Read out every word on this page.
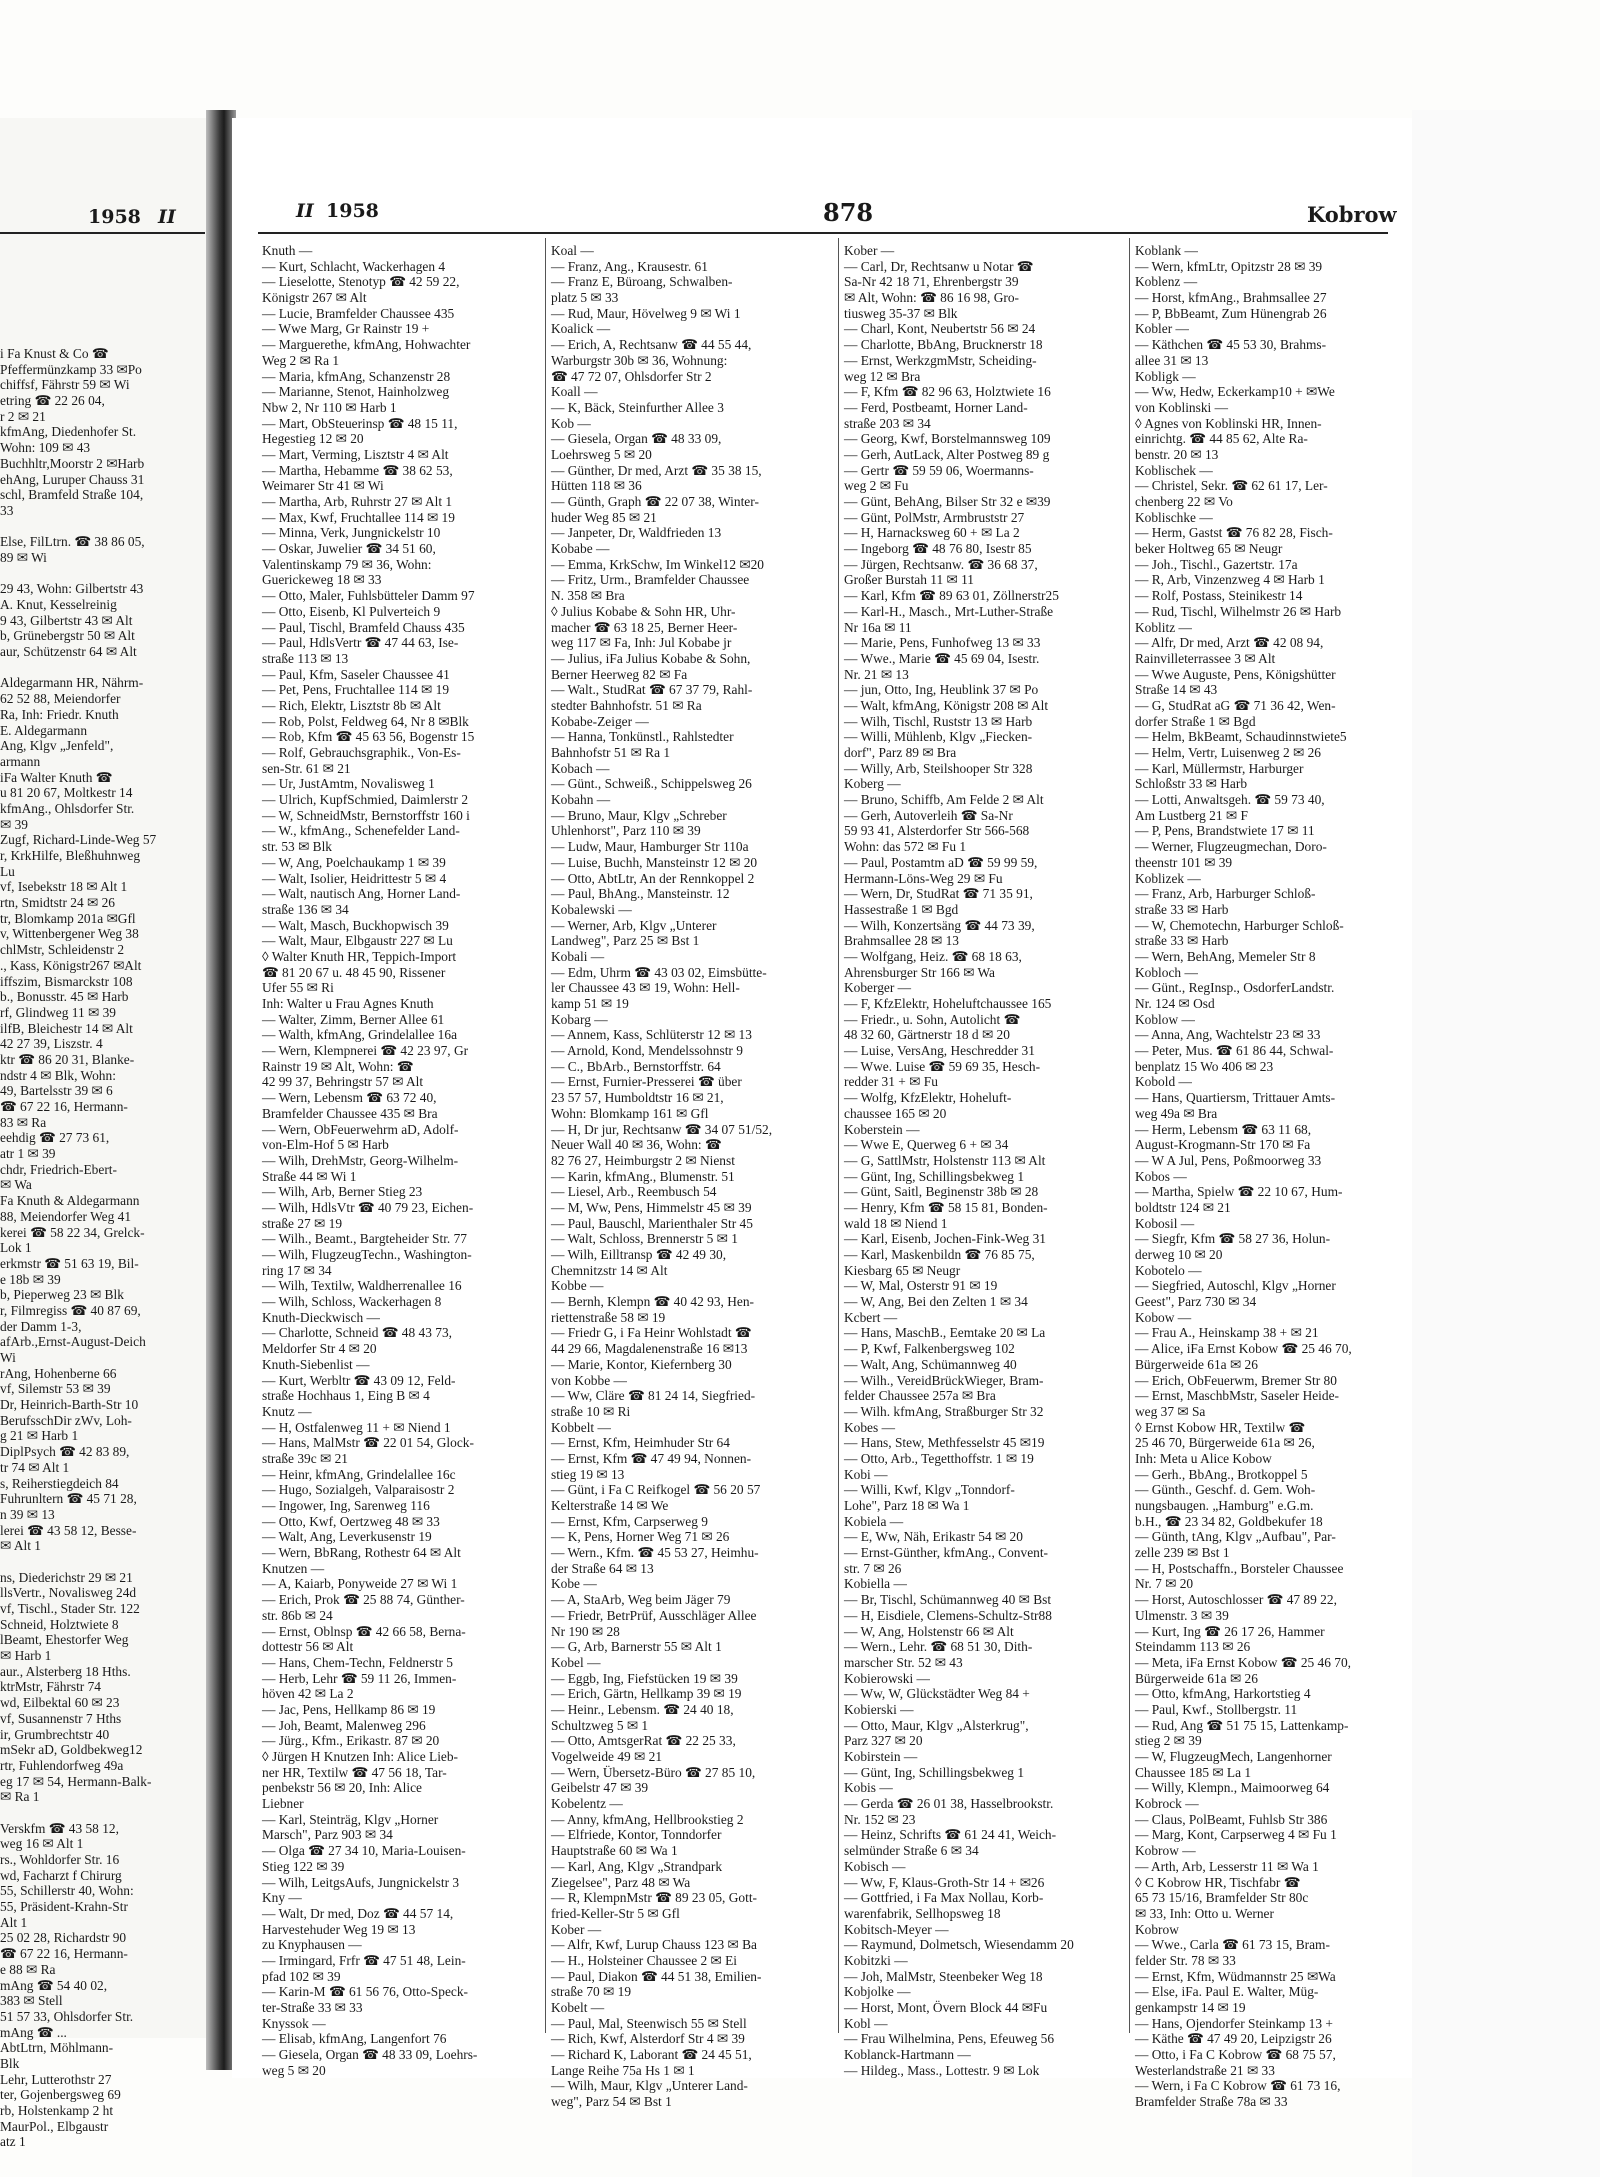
i Fa Knust & Co ☎
Pfeffermünzkamp 33 ✉Po
chiffsf, Fährstr 59 ✉ Wi
etring ☎ 22 26 04,
r 2 ✉ 21
kfmAng, Diedenhofer St.
Wohn: 109 ✉ 43
Buchhltr,Moorstr 2 ✉Harb
ehAng, Luruper Chauss 31
schl, Bramfeld Straße 104,
33
Else, FilLtrn. ☎ 38 86 05,
89 ✉ Wi
29 43, Wohn: Gilbertstr 43
A. Knut, Kesselreinig
9 43, Gilbertstr 43 ✉ Alt
b, Grünebergstr 50 ✉ Alt
aur, Schützenstr 64 ✉ Alt
Aldegarmann HR, Nährm-
62 52 88, Meiendorfer
Ra, Inh: Friedr. Knuth
E. Aldegarmann
Ang, Klgv „Jenfeld",
armann
iFa Walter Knuth ☎
u 81 20 67, Moltkestr 14
kfmAng., Ohlsdorfer Str.
✉ 39
Zugf, Richard-Linde-Weg 57
r, KrkHilfe, Bleßhuhnweg
Lu
vf, Isebekstr 18 ✉ Alt 1
rtn, Smidtstr 24 ✉ 26
tr, Blomkamp 201a ✉Gfl
v, Wittenbergener Weg 38
chlMstr, Schleidenstr 2
., Kass, Königstr267 ✉Alt
iffszim, Bismarckstr 108
b., Bonusstr. 45 ✉ Harb
rf, Glindweg 11 ✉ 39
ilfB, Bleichestr 14 ✉ Alt
42 27 39, Liszstr. 4
ktr ☎ 86 20 31, Blanke-
ndstr 4 ✉ Blk, Wohn:
49, Bartelsstr 39 ✉ 6
☎ 67 22 16, Hermann-
83 ✉ Ra
eehdig ☎ 27 73 61,
atr 1 ✉ 39
chdr, Friedrich-Ebert-
✉ Wa
Fa Knuth & Aldegarmann
88, Meiendorfer Weg 41
kerei ☎ 58 22 34, Grelck-
Lok 1
erkmstr ☎ 51 63 19, Bil-
e 18b ✉ 39
b, Pieperweg 23 ✉ Blk
r, Filmregiss ☎ 40 87 69,
der Damm 1-3,
afArb.,Ernst-August-Deich
Wi
rAng, Hohenberne 66
vf, Silemstr 53 ✉ 39
Dr, Heinrich-Barth-Str 10
BerufsschDir zWv, Loh-
g 21 ✉ Harb 1
DiplPsych ☎ 42 83 89,
tr 74 ✉ Alt 1
s, Reiherstiegdeich 84
Fuhrunltern ☎ 45 71 28,
n 39 ✉ 13
lerei ☎ 43 58 12, Besse-
✉ Alt 1
ns, Diederichstr 29 ✉ 21
llsVertr., Novalisweg 24d
vf, Tischl., Stader Str. 122
Schneid, Holztwiete 8
lBeamt, Ehestorfer Weg
✉ Harb 1
aur., Alsterberg 18 Hths.
ktrMstr, Fährstr 74
wd, Eilbektal 60 ✉ 23
vf, Susannenstr 7 Hths
ir, Grumbrechtstr 40
mSekr aD, Goldbekweg12
rtr, Fuhlendorfweg 49a
eg 17 ✉ 54, Hermann-Balk-
✉ Ra 1
Verskfm ☎ 43 58 12,
weg 16 ✉ Alt 1
rs., Wohldorfer Str. 16
wd, Facharzt f Chirurg
55, Schillerstr 40, Wohn:
55, Präsident-Krahn-Str
Alt 1
25 02 28, Richardstr 90
☎ 67 22 16, Hermann-
e 88 ✉ Ra
mAng ☎ 54 40 02,
383 ✉ Stell
51 57 33, Ohlsdorfer Str.
mAng ☎ ...
AbtLtrn, Möhlmann-
Blk
Lehr, Lutterothstr 27
ter, Gojenbergsweg 69
rb, Holstenkamp 2 ht
MaurPol., Elbgaustr
atz 1
1958 II	II 1958	878	Kobrow
Knuth —
— Kurt, Schlacht, Wackerhagen 4
— Lieselotte, Stenotyp ☎ 42 59 22,
Königstr 267 ✉ Alt
— Lucie, Bramfelder Chaussee 435
— Wwe Marg, Gr Rainstr 19 +
— Marguerethe, kfmAng, Hohwachter
Weg 2 ✉ Ra 1
— Maria, kfmAng, Schanzenstr 28
— Marianne, Stenot, Hainholzweg
Nbw 2, Nr 110 ✉ Harb 1
— Mart, ObSteuerinsp ☎ 48 15 11,
Hegestieg 12 ✉ 20
— Mart, Verming, Lisztstr 4 ✉ Alt
— Martha, Hebamme ☎ 38 62 53,
Weimarer Str 41 ✉ Wi
— Martha, Arb, Ruhrstr 27 ✉ Alt 1
— Max, Kwf, Fruchtallee 114 ✉ 19
— Minna, Verk, Jungnickelstr 10
— Oskar, Juwelier ☎ 34 51 60,
Valentinskamp 79 ✉ 36, Wohn:
Guerickeweg 18 ✉ 33
— Otto, Maler, Fuhlsbütteler Damm 97
— Otto, Eisenb, Kl Pulverteich 9
— Paul, Tischl, Bramfeld Chauss 435
— Paul, HdlsVertr ☎ 47 44 63, Ise-
straße 113 ✉ 13
— Paul, Kfm, Saseler Chaussee 41
— Pet, Pens, Fruchtallee 114 ✉ 19
— Rich, Elektr, Lisztstr 8b ✉ Alt
— Rob, Polst, Feldweg 64, Nr 8 ✉Blk
— Rob, Kfm ☎ 45 63 56, Bogenstr 15
— Rolf, Gebrauchsgraphik., Von-Es-
sen-Str. 61 ✉ 21
— Ur, JustAmtm, Novalisweg 1
— Ulrich, KupfSchmied, Daimlerstr 2
— W, SchneidMstr, Bernstorffstr 160 i
— W., kfmAng., Schenefelder Land-
str. 53 ✉ Blk
— W, Ang, Poelchaukamp 1 ✉ 39
— Walt, Isolier, Heidrittestr 5 ✉ 4
— Walt, nautisch Ang, Horner Land-
straße 136 ✉ 34
— Walt, Masch, Buckhopwisch 39
— Walt, Maur, Elbgaustr 227 ✉ Lu
◊ Walter Knuth HR, Teppich-Import
☎ 81 20 67 u. 48 45 90, Rissener
Ufer 55 ✉ Ri
Inh: Walter u Frau Agnes Knuth
— Walter, Zimm, Berner Allee 61
— Walth, kfmAng, Grindelallee 16a
— Wern, Klempnerei ☎ 42 23 97, Gr
Rainstr 19 ✉ Alt, Wohn: ☎
42 99 37, Behringstr 57 ✉ Alt
— Wern, Lebensm ☎ 63 72 40,
Bramfelder Chaussee 435 ✉ Bra
— Wern, ObFeuerwehrm aD, Adolf-
von-Elm-Hof 5 ✉ Harb
— Wilh, DrehMstr, Georg-Wilhelm-
Straße 44 ✉ Wi 1
— Wilh, Arb, Berner Stieg 23
— Wilh, HdlsVtr ☎ 40 79 23, Eichen-
straße 27 ✉ 19
— Wilh., Beamt., Bargteheider Str. 77
— Wilh, FlugzeugTechn., Washington-
ring 17 ✉ 34
— Wilh, Textilw, Waldherrenallee 16
— Wilh, Schloss, Wackerhagen 8
Knuth-Dieckwisch —
— Charlotte, Schneid ☎ 48 43 73,
Meldorfer Str 4 ✉ 20
Knuth-Siebenlist —
— Kurt, Werbltr ☎ 43 09 12, Feld-
straße Hochhaus 1, Eing B ✉ 4
Knutz —
— H, Ostfalenweg 11 + ✉ Niend 1
— Hans, MalMstr ☎ 22 01 54, Glock-
straße 39c ✉ 21
— Heinr, kfmAng, Grindelallee 16c
— Hugo, Sozialgeh, Valparaisostr 2
— Ingower, Ing, Sarenweg 116
— Otto, Kwf, Oertzweg 48 ✉ 33
— Walt, Ang, Leverkusenstr 19
— Wern, BbRang, Rothestr 64 ✉ Alt
Knutzen —
— A, Kaiarb, Ponyweide 27 ✉ Wi 1
— Erich, Prok ☎ 25 88 74, Günther-
str. 86b ✉ 24
— Ernst, Oblnsp ☎ 42 66 58, Berna-
dottestr 56 ✉ Alt
— Hans, Chem-Techn, Feldnerstr 5
— Herb, Lehr ☎ 59 11 26, Immen-
höven 42 ✉ La 2
— Jac, Pens, Hellkamp 86 ✉ 19
— Joh, Beamt, Malenweg 296
— Jürg., Kfm., Erikastr. 87 ✉ 20
◊ Jürgen H Knutzen Inh: Alice Lieb-
ner HR, Textilw ☎ 47 56 18, Tar-
penbekstr 56 ✉ 20, Inh: Alice
Liebner
— Karl, Steinträg, Klgv „Horner
Marsch", Parz 903 ✉ 34
— Olga ☎ 27 34 10, Maria-Louisen-
Stieg 122 ✉ 39
— Wilh, LeitgsAufs, Jungnickelstr 3
Kny —
— Walt, Dr med, Doz ☎ 44 57 14,
Harvestehuder Weg 19 ✉ 13
zu Knyphausen —
— Irmingard, Frfr ☎ 47 51 48, Lein-
pfad 102 ✉ 39
— Karin-M ☎ 61 56 76, Otto-Speck-
ter-Straße 33 ✉ 33
Knyssok —
— Elisab, kfmAng, Langenfort 76
— Giesela, Organ ☎ 48 33 09, Loehrs-
weg 5 ✉ 20
Koal —
— Franz, Ang., Krausestr. 61
— Franz E, Büroang, Schwalben-
platz 5 ✉ 33
— Rud, Maur, Hövelweg 9 ✉ Wi 1
Koalick —
— Erich, A, Rechtsanw ☎ 44 55 44,
Warburgstr 30b ✉ 36, Wohnung:
☎ 47 72 07, Ohlsdorfer Str 2
Koall —
— K, Bäck, Steinfurther Allee 3
Kob —
— Giesela, Organ ☎ 48 33 09,
Loehrsweg 5 ✉ 20
— Günther, Dr med, Arzt ☎ 35 38 15,
Hütten 118 ✉ 36
— Günth, Graph ☎ 22 07 38, Winter-
huder Weg 85 ✉ 21
— Janpeter, Dr, Waldfrieden 13
Kobabe —
— Emma, KrkSchw, Im Winkel12 ✉20
— Fritz, Urm., Bramfelder Chaussee
N. 358 ✉ Bra
◊ Julius Kobabe & Sohn HR, Uhr-
macher ☎ 63 18 25, Berner Heer-
weg 117 ✉ Fa, Inh: Jul Kobabe jr
— Julius, iFa Julius Kobabe & Sohn,
Berner Heerweg 82 ✉ Fa
— Walt., StudRat ☎ 67 37 79, Rahl-
stedter Bahnhofstr. 51 ✉ Ra
Kobabe-Zeiger —
— Hanna, Tonkünstl., Rahlstedter
Bahnhofstr 51 ✉ Ra 1
Kobach —
— Günt., Schweiß., Schippelsweg 26
Kobahn —
— Bruno, Maur, Klgv „Schreber
Uhlenhorst", Parz 110 ✉ 39
— Ludw, Maur, Hamburger Str 110a
— Luise, Buchh, Mansteinstr 12 ✉ 20
— Otto, AbtLtr, An der Rennkoppel 2
— Paul, BhAng., Mansteinstr. 12
Kobalewski —
— Werner, Arb, Klgv „Unterer
Landweg", Parz 25 ✉ Bst 1
Kobali —
— Edm, Uhrm ☎ 43 03 02, Eimsbütte-
ler Chaussee 43 ✉ 19, Wohn: Hell-
kamp 51 ✉ 19
Kobarg —
— Annem, Kass, Schlüterstr 12 ✉ 13
— Arnold, Kond, Mendelssohnstr 9
— C., BbArb., Bernstorffstr. 64
— Ernst, Furnier-Presserei ☎ über
23 57 57, Humboldtstr 16 ✉ 21,
Wohn: Blomkamp 161 ✉ Gfl
— H, Dr jur, Rechtsanw ☎ 34 07 51/52,
Neuer Wall 40 ✉ 36, Wohn: ☎
82 76 27, Heimburgstr 2 ✉ Nienst
— Karin, kfmAng., Blumenstr. 51
— Liesel, Arb., Reembusch 54
— M, Ww, Pens, Himmelstr 45 ✉ 39
— Paul, Bauschl, Marienthaler Str 45
— Walt, Schloss, Brennerstr 5 ✉ 1
— Wilh, Eilltransp ☎ 42 49 30,
Chemnitzstr 14 ✉ Alt
Kobbe —
— Bernh, Klempn ☎ 40 42 93, Hen-
riettenstraße 58 ✉ 19
— Friedr G, i Fa Heinr Wohlstadt ☎
44 29 66, Magdalenenstraße 16 ✉13
— Marie, Kontor, Kiefernberg 30
von Kobbe —
— Ww, Cläre ☎ 81 24 14, Siegfried-
straße 10 ✉ Ri
Kobbelt —
— Ernst, Kfm, Heimhuder Str 64
— Ernst, Kfm ☎ 47 49 94, Nonnen-
stieg 19 ✉ 13
— Günt, i Fa C Reifkogel ☎ 56 20 57
Kelterstraße 14 ✉ We
— Ernst, Kfm, Carpserweg 9
— K, Pens, Horner Weg 71 ✉ 26
— Wern., Kfm. ☎ 45 53 27, Heimhu-
der Straße 64 ✉ 13
Kobe —
— A, StaArb, Weg beim Jäger 79
— Friedr, BetrPrüf, Ausschläger Allee
Nr 190 ✉ 28
— G, Arb, Barnerstr 55 ✉ Alt 1
Kobel —
— Eggb, Ing, Fiefstücken 19 ✉ 39
— Erich, Gärtn, Hellkamp 39 ✉ 19
— Heinr., Lebensm. ☎ 24 40 18,
Schultzweg 5 ✉ 1
— Otto, AmtsgerRat ☎ 22 25 33,
Vogelweide 49 ✉ 21
— Wern, Übersetz-Büro ☎ 27 85 10,
Geibelstr 47 ✉ 39
Kobelentz —
— Anny, kfmAng, Hellbrookstieg 2
— Elfriede, Kontor, Tonndorfer
Hauptstraße 60 ✉ Wa 1
— Karl, Ang, Klgv „Strandpark
Ziegelsee", Parz 48 ✉ Wa
— R, KlempnMstr ☎ 89 23 05, Gott-
fried-Keller-Str 5 ✉ Gfl
Kober —
— Alfr, Kwf, Lurup Chauss 123 ✉ Ba
— H., Holsteiner Chaussee 2 ✉ Ei
— Paul, Diakon ☎ 44 51 38, Emilien-
straße 70 ✉ 19
Kobelt —
— Paul, Mal, Steenwisch 55 ✉ Stell
— Rich, Kwf, Alsterdorf Str 4 ✉ 39
— Richard K, Laborant ☎ 24 45 51,
Lange Reihe 75a Hs 1 ✉ 1
— Wilh, Maur, Klgv „Unterer Land-
weg", Parz 54 ✉ Bst 1
Kober —
— Carl, Dr, Rechtsanw u Notar ☎
Sa-Nr 42 18 71, Ehrenbergstr 39
✉ Alt, Wohn: ☎ 86 16 98, Gro-
tiusweg 35-37 ✉ Blk
— Charl, Kont, Neubertstr 56 ✉ 24
— Charlotte, BbAng, Brucknerstr 18
— Ernst, WerkzgmMstr, Scheiding-
weg 12 ✉ Bra
— F, Kfm ☎ 82 96 63, Holztwiete 16
— Ferd, Postbeamt, Horner Land-
straße 203 ✉ 34
— Georg, Kwf, Borstelmannsweg 109
— Gerh, AutLack, Alter Postweg 89 g
— Gertr ☎ 59 59 06, Woermanns-
weg 2 ✉ Fu
— Günt, BehAng, Bilser Str 32 e ✉39
— Günt, PolMstr, Armbruststr 27
— H, Harnacksweg 60 + ✉ La 2
— Ingeborg ☎ 48 76 80, Isestr 85
— Jürgen, Rechtsanw. ☎ 36 68 37,
Großer Burstah 11 ✉ 11
— Karl, Kfm ☎ 89 63 01, Zöllnerstr25
— Karl-H., Masch., Mrt-Luther-Straße
Nr 16a ✉ 11
— Marie, Pens, Funhofweg 13 ✉ 33
— Wwe., Marie ☎ 45 69 04, Isestr.
Nr. 21 ✉ 13
— jun, Otto, Ing, Heublink 37 ✉ Po
— Walt, kfmAng, Königstr 208 ✉ Alt
— Wilh, Tischl, Ruststr 13 ✉ Harb
— Willi, Mühlenb, Klgv „Fiecken-
dorf", Parz 89 ✉ Bra
— Willy, Arb, Steilshooper Str 328
Koberg —
— Bruno, Schiffb, Am Felde 2 ✉ Alt
— Gerh, Autoverleih ☎ Sa-Nr
59 93 41, Alsterdorfer Str 566-568
Wohn: das 572 ✉ Fu 1
— Paul, Postamtm aD ☎ 59 99 59,
Hermann-Löns-Weg 29 ✉ Fu
— Wern, Dr, StudRat ☎ 71 35 91,
Hassestraße 1 ✉ Bgd
— Wilh, Konzertsäng ☎ 44 73 39,
Brahmsallee 28 ✉ 13
— Wolfgang, Heiz. ☎ 68 18 63,
Ahrensburger Str 166 ✉ Wa
Koberger —
— F, KfzElektr, Hoheluftchaussee 165
— Friedr., u. Sohn, Autolicht ☎
48 32 60, Gärtnerstr 18 d ✉ 20
— Luise, VersAng, Heschredder 31
— Wwe. Luise ☎ 59 69 35, Hesch-
redder 31 + ✉ Fu
— Wolfg, KfzElektr, Hoheluft-
chaussee 165 ✉ 20
Koberstein —
— Wwe E, Querweg 6 + ✉ 34
— G, SattlMstr, Holstenstr 113 ✉ Alt
— Günt, Ing, Schillingsbekweg 1
— Günt, Saitl, Beginenstr 38b ✉ 28
— Henry, Kfm ☎ 58 15 81, Bonden-
wald 18 ✉ Niend 1
— Karl, Eisenb, Jochen-Fink-Weg 31
— Karl, Maskenbildn ☎ 76 85 75,
Kiesbarg 65 ✉ Neugr
— W, Mal, Osterstr 91 ✉ 19
— W, Ang, Bei den Zelten 1 ✉ 34
Kcbert —
— Hans, MaschB., Eemtake 20 ✉ La
— P, Kwf, Falkenbergsweg 102
— Walt, Ang, Schümannweg 40
— Wilh., VereidBrückWieger, Bram-
felder Chaussee 257a ✉ Bra
— Wilh. kfmAng, Straßburger Str 32
Kobes —
— Hans, Stew, Methfesselstr 45 ✉19
— Otto, Arb., Tegetthoffstr. 1 ✉ 19
Kobi —
— Willi, Kwf, Klgv „Tonndorf-
Lohe", Parz 18 ✉ Wa 1
Kobiela —
— E, Ww, Näh, Erikastr 54 ✉ 20
— Ernst-Günther, kfmAng., Convent-
str. 7 ✉ 26
Kobiella —
— Br, Tischl, Schümannweg 40 ✉ Bst
— H, Eisdiele, Clemens-Schultz-Str88
— W, Ang, Holstenstr 66 ✉ Alt
— Wern., Lehr. ☎ 68 51 30, Dith-
marscher Str. 52 ✉ 43
Kobierowski —
— Ww, W, Glückstädter Weg 84 +
Kobierski —
— Otto, Maur, Klgv „Alsterkrug",
Parz 327 ✉ 20
Kobirstein —
— Günt, Ing, Schillingsbekweg 1
Kobis —
— Gerda ☎ 26 01 38, Hasselbrookstr.
Nr. 152 ✉ 23
— Heinz, Schrifts ☎ 61 24 41, Weich-
selmünder Straße 6 ✉ 34
Kobisch —
— Ww, F, Klaus-Groth-Str 14 + ✉26
— Gottfried, i Fa Max Nollau, Korb-
warenfabrik, Sellhopsweg 18
Kobitsch-Meyer —
— Raymund, Dolmetsch, Wiesendamm 20
Kobitzki —
— Joh, MalMstr, Steenbeker Weg 18
Kobjolke —
— Horst, Mont, Övern Block 44 ✉Fu
Kobl —
— Frau Wilhelmina, Pens, Efeuweg 56
Koblanck-Hartmann —
— Hildeg., Mass., Lottestr. 9 ✉ Lok
Koblank —
— Wern, kfmLtr, Opitzstr 28 ✉ 39
Koblenz —
— Horst, kfmAng., Brahmsallee 27
— P, BbBeamt, Zum Hünengrab 26
Kobler —
— Käthchen ☎ 45 53 30, Brahms-
allee 31 ✉ 13
Kobligk —
— Ww, Hedw, Eckerkamp10 + ✉We
von Koblinski —
◊ Agnes von Koblinski HR, Innen-
einrichtg. ☎ 44 85 62, Alte Ra-
benstr. 20 ✉ 13
Koblischek —
— Christel, Sekr. ☎ 62 61 17, Ler-
chenberg 22 ✉ Vo
Koblischke —
— Herm, Gastst ☎ 76 82 28, Fisch-
beker Holtweg 65 ✉ Neugr
— Joh., Tischl., Gazertstr. 17a
— R, Arb, Vinzenzweg 4 ✉ Harb 1
— Rolf, Postass, Steinikestr 14
— Rud, Tischl, Wilhelmstr 26 ✉ Harb
Koblitz —
— Alfr, Dr med, Arzt ☎ 42 08 94,
Rainvilleterrassee 3 ✉ Alt
— Wwe Auguste, Pens, Königshütter
Straße 14 ✉ 43
— G, StudRat aG ☎ 71 36 42, Wen-
dorfer Straße 1 ✉ Bgd
— Helm, BkBeamt, Schaudinnstwiete5
— Helm, Vertr, Luisenweg 2 ✉ 26
— Karl, Müllermstr, Harburger
Schloßstr 33 ✉ Harb
— Lotti, Anwaltsgeh. ☎ 59 73 40,
Am Lustberg 21 ✉ F
— P, Pens, Brandstwiete 17 ✉ 11
— Werner, Flugzeugmechan, Doro-
theenstr 101 ✉ 39
Koblizek —
— Franz, Arb, Harburger Schloß-
straße 33 ✉ Harb
— W, Chemotechn, Harburger Schloß-
straße 33 ✉ Harb
— Wern, BehAng, Memeler Str 8
Kobloch —
— Günt., RegInsp., OsdorferLandstr.
Nr. 124 ✉ Osd
Koblow —
— Anna, Ang, Wachtelstr 23 ✉ 33
— Peter, Mus. ☎ 61 86 44, Schwal-
benplatz 15 Wo 406 ✉ 23
Kobold —
— Hans, Quartiersm, Trittauer Amts-
weg 49a ✉ Bra
— Herm, Lebensm ☎ 63 11 68,
August-Krogmann-Str 170 ✉ Fa
— W A Jul, Pens, Poßmoorweg 33
Kobos —
— Martha, Spielw ☎ 22 10 67, Hum-
boldtstr 124 ✉ 21
Kobosil —
— Siegfr, Kfm ☎ 58 27 36, Holun-
derweg 10 ✉ 20
Kobotelo —
— Siegfried, Autoschl, Klgv „Horner
Geest", Parz 730 ✉ 34
Kobow —
— Frau A., Heinskamp 38 + ✉ 21
— Alice, iFa Ernst Kobow ☎ 25 46 70,
Bürgerweide 61a ✉ 26
— Erich, ObFeuerwm, Bremer Str 80
— Ernst, MaschbMstr, Saseler Heide-
weg 37 ✉ Sa
◊ Ernst Kobow HR, Textilw ☎
25 46 70, Bürgerweide 61a ✉ 26,
Inh: Meta u Alice Kobow
— Gerh., BbAng., Brotkoppel 5
— Günth., Geschf. d. Gem. Woh-
nungsbaugen. „Hamburg" e.G.m.
b.H., ☎ 23 34 82, Goldbekufer 18
— Günth, tAng, Klgv „Aufbau", Par-
zelle 239 ✉ Bst 1
— H, Postschaffn., Borsteler Chaussee
Nr. 7 ✉ 20
— Horst, Autoschlosser ☎ 47 89 22,
Ulmenstr. 3 ✉ 39
— Kurt, Ing ☎ 26 17 26, Hammer
Steindamm 113 ✉ 26
— Meta, iFa Ernst Kobow ☎ 25 46 70,
Bürgerweide 61a ✉ 26
— Otto, kfmAng, Harkortstieg 4
— Paul, Kwf., Stollbergstr. 11
— Rud, Ang ☎ 51 75 15, Lattenkamp-
stieg 2 ✉ 39
— W, FlugzeugMech, Langenhorner
Chaussee 185 ✉ La 1
— Willy, Klempn., Maimoorweg 64
Kobrock —
— Claus, PolBeamt, Fuhlsb Str 386
— Marg, Kont, Carpserweg 4 ✉ Fu 1
Kobrow —
— Arth, Arb, Lesserstr 11 ✉ Wa 1
◊ C Kobrow HR, Tischfabr ☎
65 73 15/16, Bramfelder Str 80c
✉ 33, Inh: Otto u. Werner
Kobrow
— Wwe., Carla ☎ 61 73 15, Bram-
felder Str. 78 ✉ 33
— Ernst, Kfm, Wüdmannstr 25 ✉Wa
— Else, iFa. Paul E. Walter, Müg-
genkampstr 14 ✉ 19
— Hans, Ojendorfer Steinkamp 13 +
— Käthe ☎ 47 49 20, Leipzigstr 26
— Otto, i Fa C Kobrow ☎ 68 75 57,
Westerlandstraße 21 ✉ 33
— Wern, i Fa C Kobrow ☎ 61 73 16,
Bramfelder Straße 78a ✉ 33
